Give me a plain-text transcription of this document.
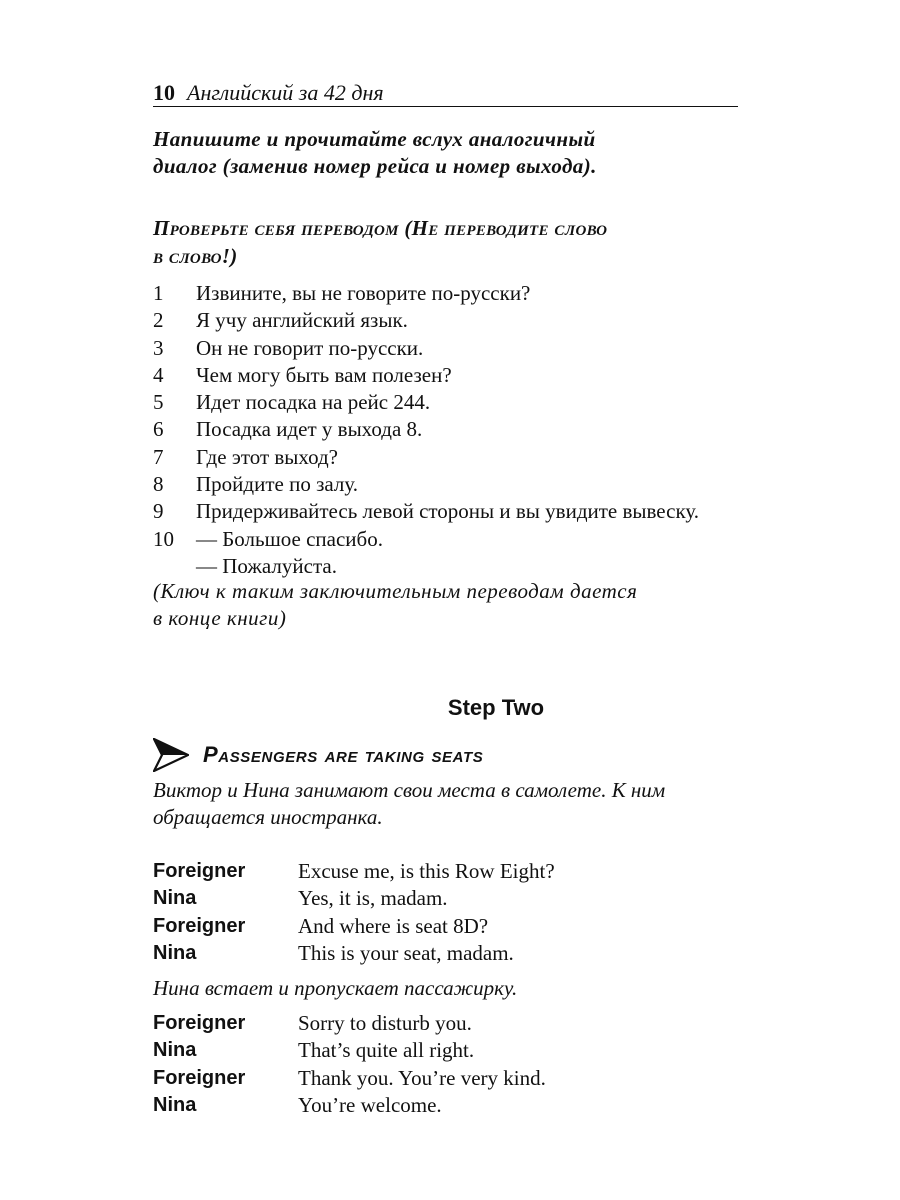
10 Английский за 42 дня
Напишите и прочитайте вслух аналогичный
диалог (заменив номер рейса и номер выхода).
Проверьте себя переводом (Не переводите слово
в слово!)
1	Извините, вы не говорите по-русски?
2	Я учу английский язык.
3	Он не говорит по-русски.
4	Чем могу быть вам полезен?
5	Идет посадка на рейс 244.
6	Посадка идет у выхода 8.
7	Где этот выход?
8	Пройдите по залу.
9	Придерживайтесь левой стороны и вы увидите вывеску.
10	— Большое спасибо.
— Пожалуйста.
(Ключ к таким заключительным переводам дается
в конце книги)
Step Two
Passengers are taking seats
Виктор и Нина занимают свои места в самолете. К ним
обращается иностранка.
Foreigner	Excuse me, is this Row Eight?
Nina	Yes, it is, madam.
Foreigner	And where is seat 8D?
Nina	This is your seat, madam.
Нина встает и пропускает пассажирку.
Foreigner	Sorry to disturb you.
Nina	That’s quite all right.
Foreigner	Thank you. You’re very kind.
Nina	You’re welcome.
